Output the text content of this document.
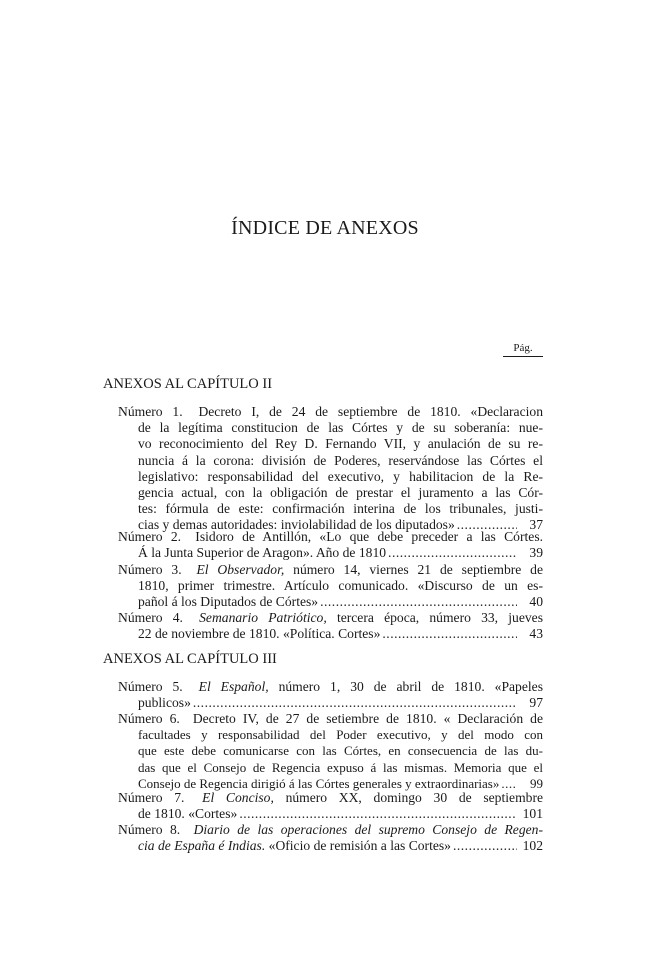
ÍNDICE DE ANEXOS
Pág.
ANEXOS AL CAPÍTULO II
Número 1. Decreto I, de 24 de septiembre de 1810. «Declaracion
de la legítima constitucion de las Córtes y de su soberanía: nue-
vo reconocimiento del Rey D. Fernando VII, y anulación de su re-
nuncia á la corona: división de Poderes, reservándose las Córtes el
legislativo: responsabilidad del executivo, y habilitacion de la Re-
gencia actual, con la obligación de prestar el juramento a las Cór-
tes: fórmula de este: confirmación interina de los tribunales, justi-
cias y demas autoridades: inviolabilidad de los diputados» .....	37
Número 2. Isidoro de Antillón, «Lo que debe preceder a las Córtes.
Á la Junta Superior de Aragon». Año de 1810 .....	39
Número 3. El Observador, número 14, viernes 21 de septiembre de
1810, primer trimestre. Artículo comunicado. «Discurso de un es-
pañol á los Diputados de Córtes» .....	40
Número 4. Semanario Patriótico, tercera época, número 33, jueves
22 de noviembre de 1810. «Política. Cortes» .....	43
ANEXOS AL CAPÍTULO III
Número 5. El Español, número 1, 30 de abril de 1810. «Papeles
publicos» .....	97
Número 6. Decreto IV, de 27 de setiembre de 1810. « Declaración de
facultades y responsabilidad del Poder executivo, y del modo con
que este debe comunicarse con las Córtes, en consecuencia de las du-
das que el Consejo de Regencia expuso á las mismas. Memoria que el
Consejo de Regencia dirigió á las Córtes generales y extraordinarias» .....	99
Número 7. El Conciso, número XX, domingo 30 de septiembre
de 1810. «Cortes» .....	101
Número 8. Diario de las operaciones del supremo Consejo de Regen-
cia de España é Indias. «Oficio de remisión a las Cortes» .....	102
